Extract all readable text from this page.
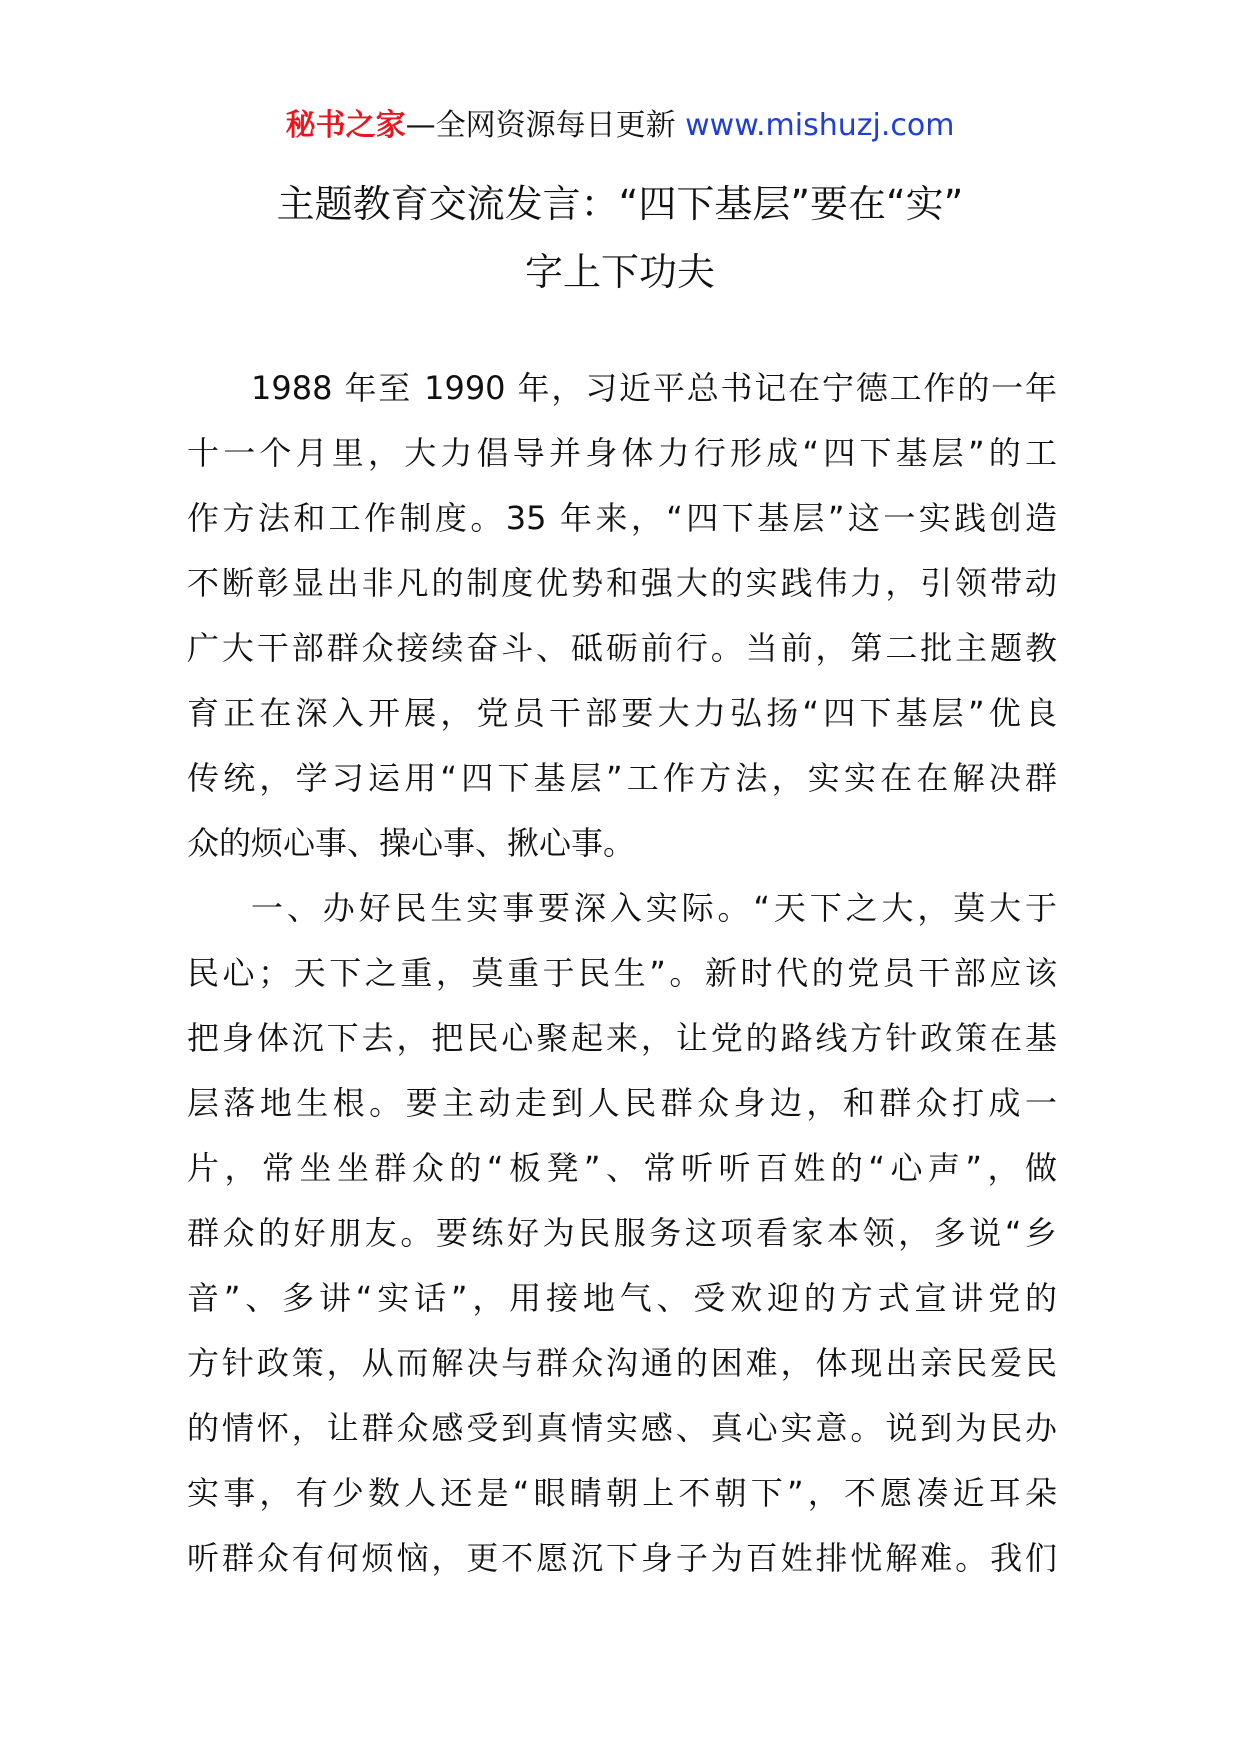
秘书之家—全网资源每日更新 www.mishuzj.com
主题教育交流发言：“四下基层”要在“实”
字上下功夫

1988 年至 1990 年，习近平总书记在宁德工作的一年
十一个月里，大力倡导并身体力行形成“四下基层”的工
作方法和工作制度。35 年来，“四下基层”这一实践创造
不断彰显出非凡的制度优势和强大的实践伟力，引领带动
广大干部群众接续奋斗、砥砺前行。当前，第二批主题教
育正在深入开展，党员干部要大力弘扬“四下基层”优良
传统，学习运用“四下基层”工作方法，实实在在解决群
众的烦心事、操心事、揪心事。

一、办好民生实事要深入实际。“天下之大，莫大于
民心；天下之重，莫重于民生”。新时代的党员干部应该
把身体沉下去，把民心聚起来，让党的路线方针政策在基
层落地生根。要主动走到人民群众身边，和群众打成一
片，常坐坐群众的“板凳”、常听听百姓的“心声”，做
群众的好朋友。要练好为民服务这项看家本领，多说“乡
音”、多讲“实话”，用接地气、受欢迎的方式宣讲党的
方针政策，从而解决与群众沟通的困难，体现出亲民爱民
的情怀，让群众感受到真情实感、真心实意。说到为民办
实事，有少数人还是“眼睛朝上不朝下”，不愿凑近耳朵
听群众有何烦恼，更不愿沉下身子为百姓排忧解难。我们
